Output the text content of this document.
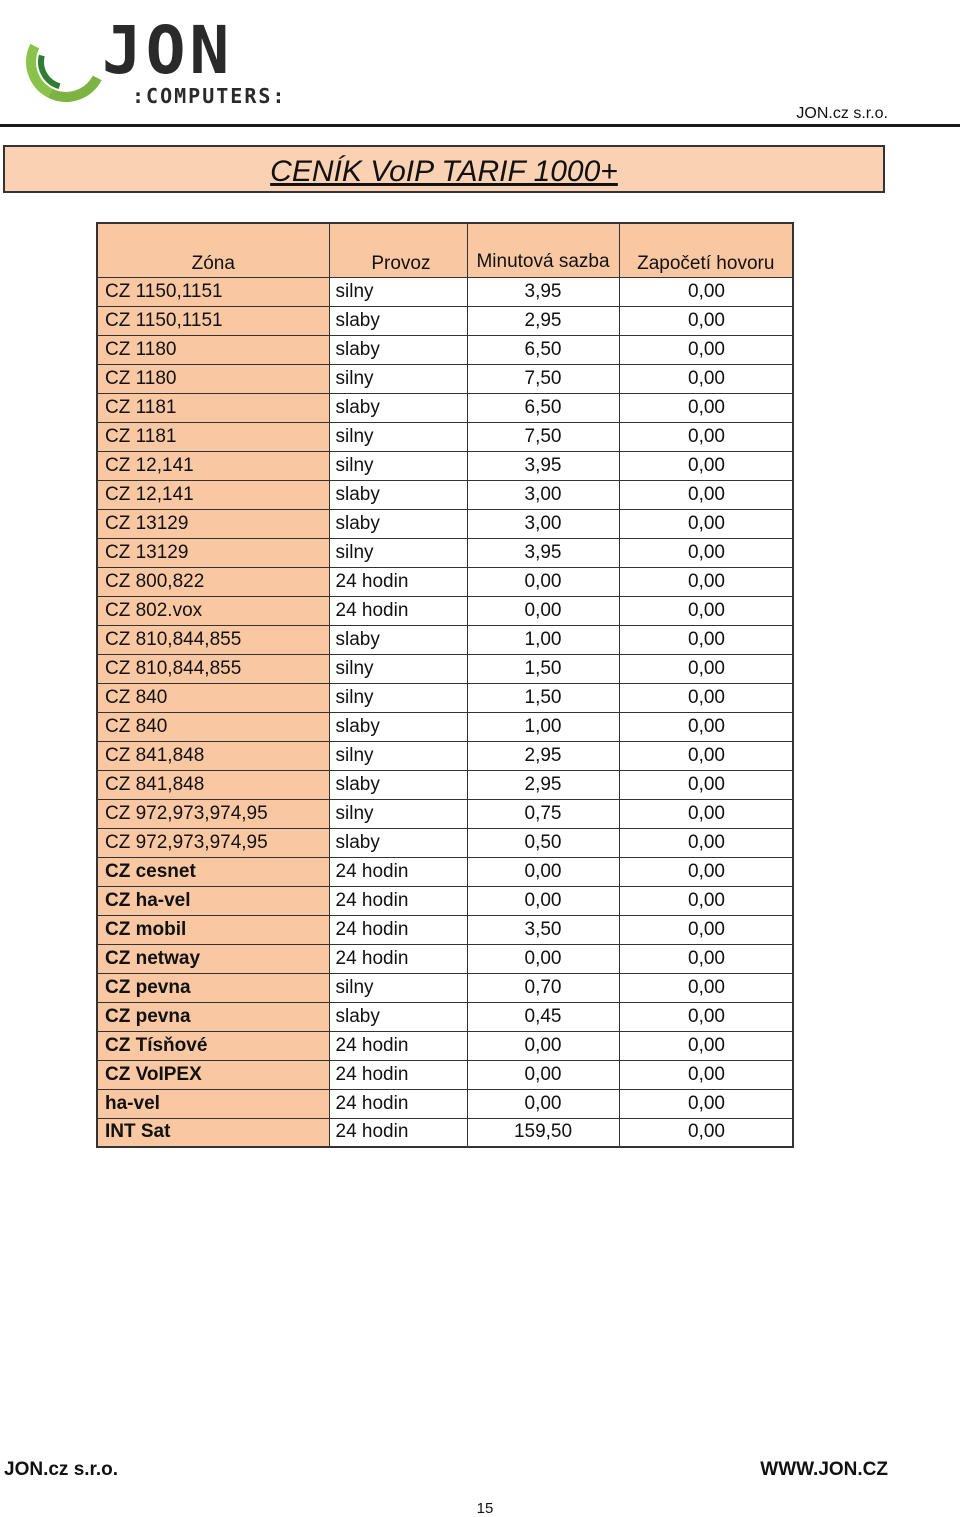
JON
:COMPUTERS:
JON.cz s.r.o.
CENÍK VoIP TARIF 1000+
Zóna	Provoz	Minutová sazba	Započetí hovoru
CZ 1150,1151	silny	3,95	0,00
CZ 1150,1151	slaby	2,95	0,00
CZ 1180	slaby	6,50	0,00
CZ 1180	silny	7,50	0,00
CZ 1181	slaby	6,50	0,00
CZ 1181	silny	7,50	0,00
CZ 12,141	silny	3,95	0,00
CZ 12,141	slaby	3,00	0,00
CZ 13129	slaby	3,00	0,00
CZ 13129	silny	3,95	0,00
CZ 800,822	24 hodin	0,00	0,00
CZ 802.vox	24 hodin	0,00	0,00
CZ 810,844,855	slaby	1,00	0,00
CZ 810,844,855	silny	1,50	0,00
CZ 840	silny	1,50	0,00
CZ 840	slaby	1,00	0,00
CZ 841,848	silny	2,95	0,00
CZ 841,848	slaby	2,95	0,00
CZ 972,973,974,95	silny	0,75	0,00
CZ 972,973,974,95	slaby	0,50	0,00
CZ cesnet	24 hodin	0,00	0,00
CZ ha-vel	24 hodin	0,00	0,00
CZ mobil	24 hodin	3,50	0,00
CZ netway	24 hodin	0,00	0,00
CZ pevna	silny	0,70	0,00
CZ pevna	slaby	0,45	0,00
CZ Tísňové	24 hodin	0,00	0,00
CZ VoIPEX	24 hodin	0,00	0,00
ha-vel	24 hodin	0,00	0,00
INT Sat	24 hodin	159,50	0,00
JON.cz s.r.o.	WWW.JON.CZ
15
